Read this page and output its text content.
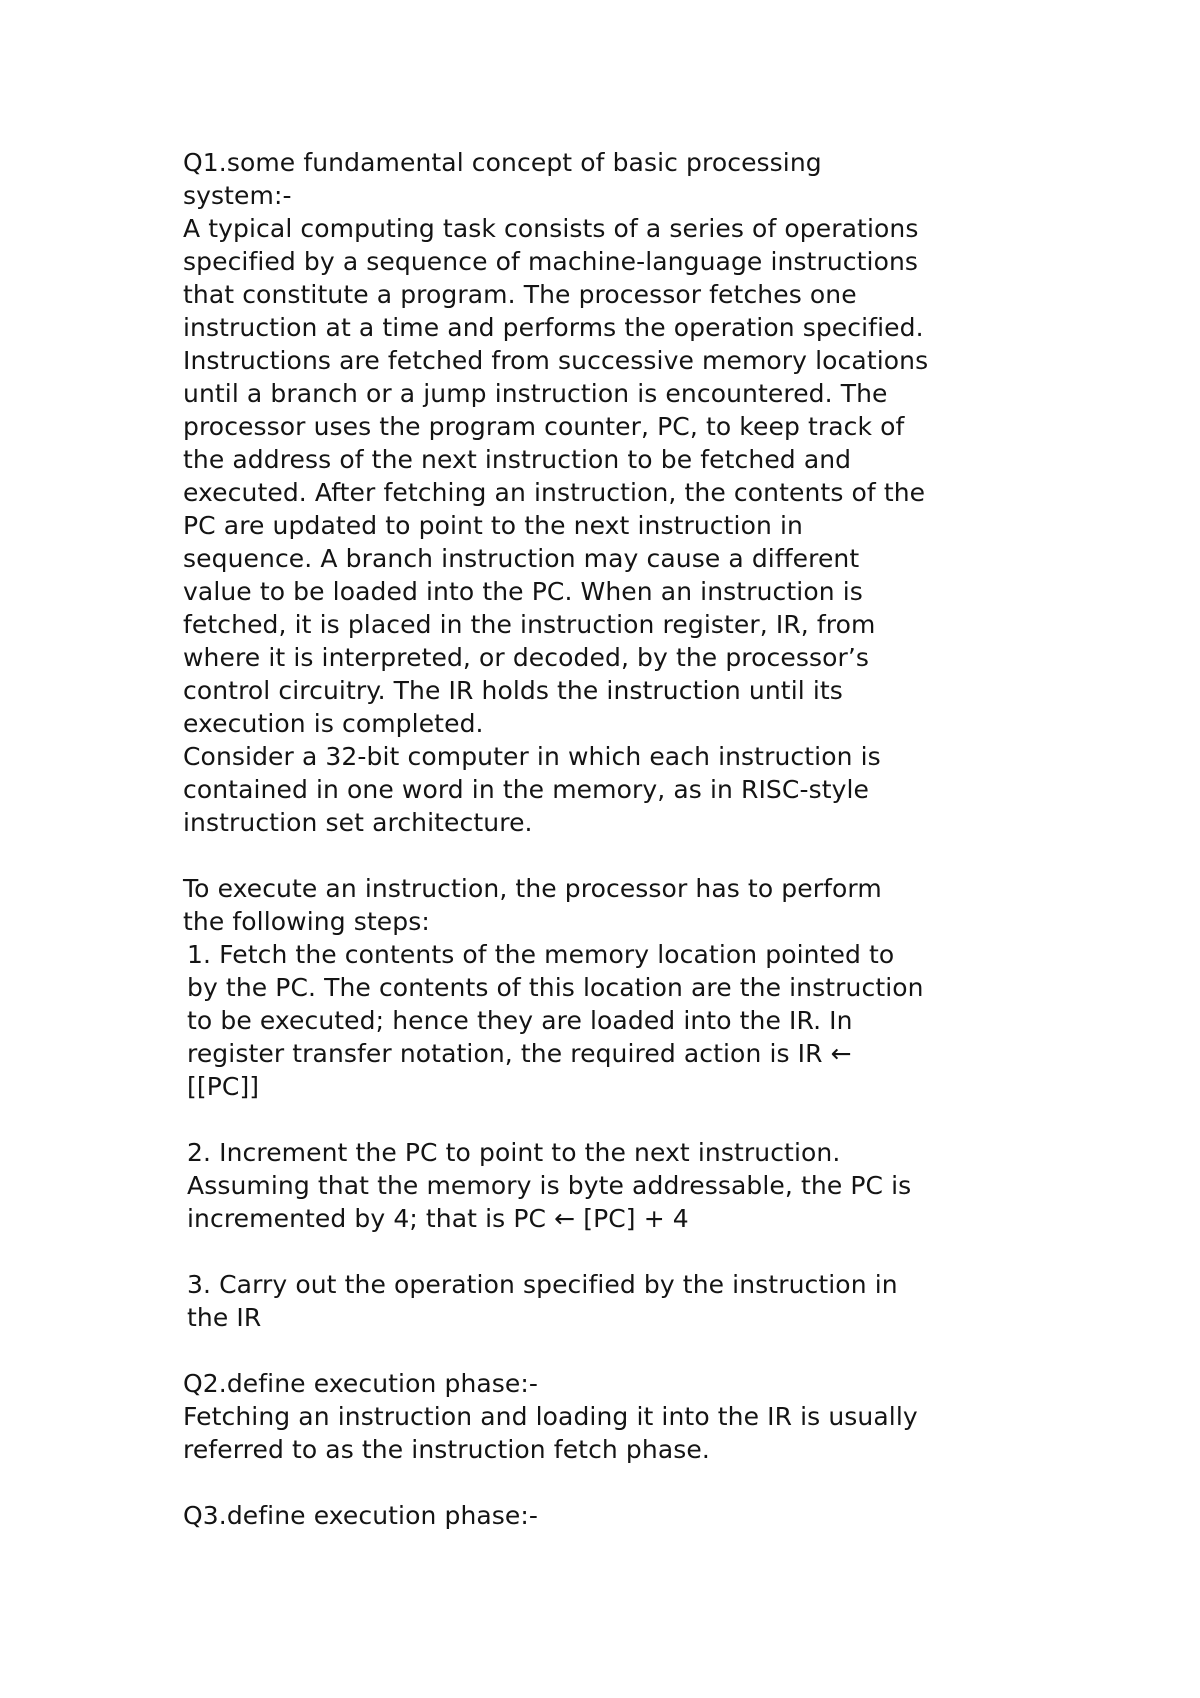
Q1.some fundamental concept of basic processing
system:-
A typical computing task consists of a series of operations
specified by a sequence of machine-language instructions
that constitute a program. The processor fetches one
instruction at a time and performs the operation specified.
Instructions are fetched from successive memory locations
until a branch or a jump instruction is encountered. The
processor uses the program counter, PC, to keep track of
the address of the next instruction to be fetched and
executed. After fetching an instruction, the contents of the
PC are updated to point to the next instruction in
sequence. A branch instruction may cause a different
value to be loaded into the PC. When an instruction is
fetched, it is placed in the instruction register, IR, from
where it is interpreted, or decoded, by the processor’s
control circuitry. The IR holds the instruction until its
execution is completed.
Consider a 32-bit computer in which each instruction is
contained in one word in the memory, as in RISC-style
instruction set architecture.
To execute an instruction, the processor has to perform
the following steps:
1. Fetch the contents of the memory location pointed to
by the PC. The contents of this location are the instruction
to be executed; hence they are loaded into the IR. In
register transfer notation, the required action is IR ←
[[PC]]
2. Increment the PC to point to the next instruction.
Assuming that the memory is byte addressable, the PC is
incremented by 4; that is PC ← [PC] + 4
3. Carry out the operation specified by the instruction in
the IR
Q2.define execution phase:-
Fetching an instruction and loading it into the IR is usually
referred to as the instruction fetch phase.
Q3.define execution phase:-
